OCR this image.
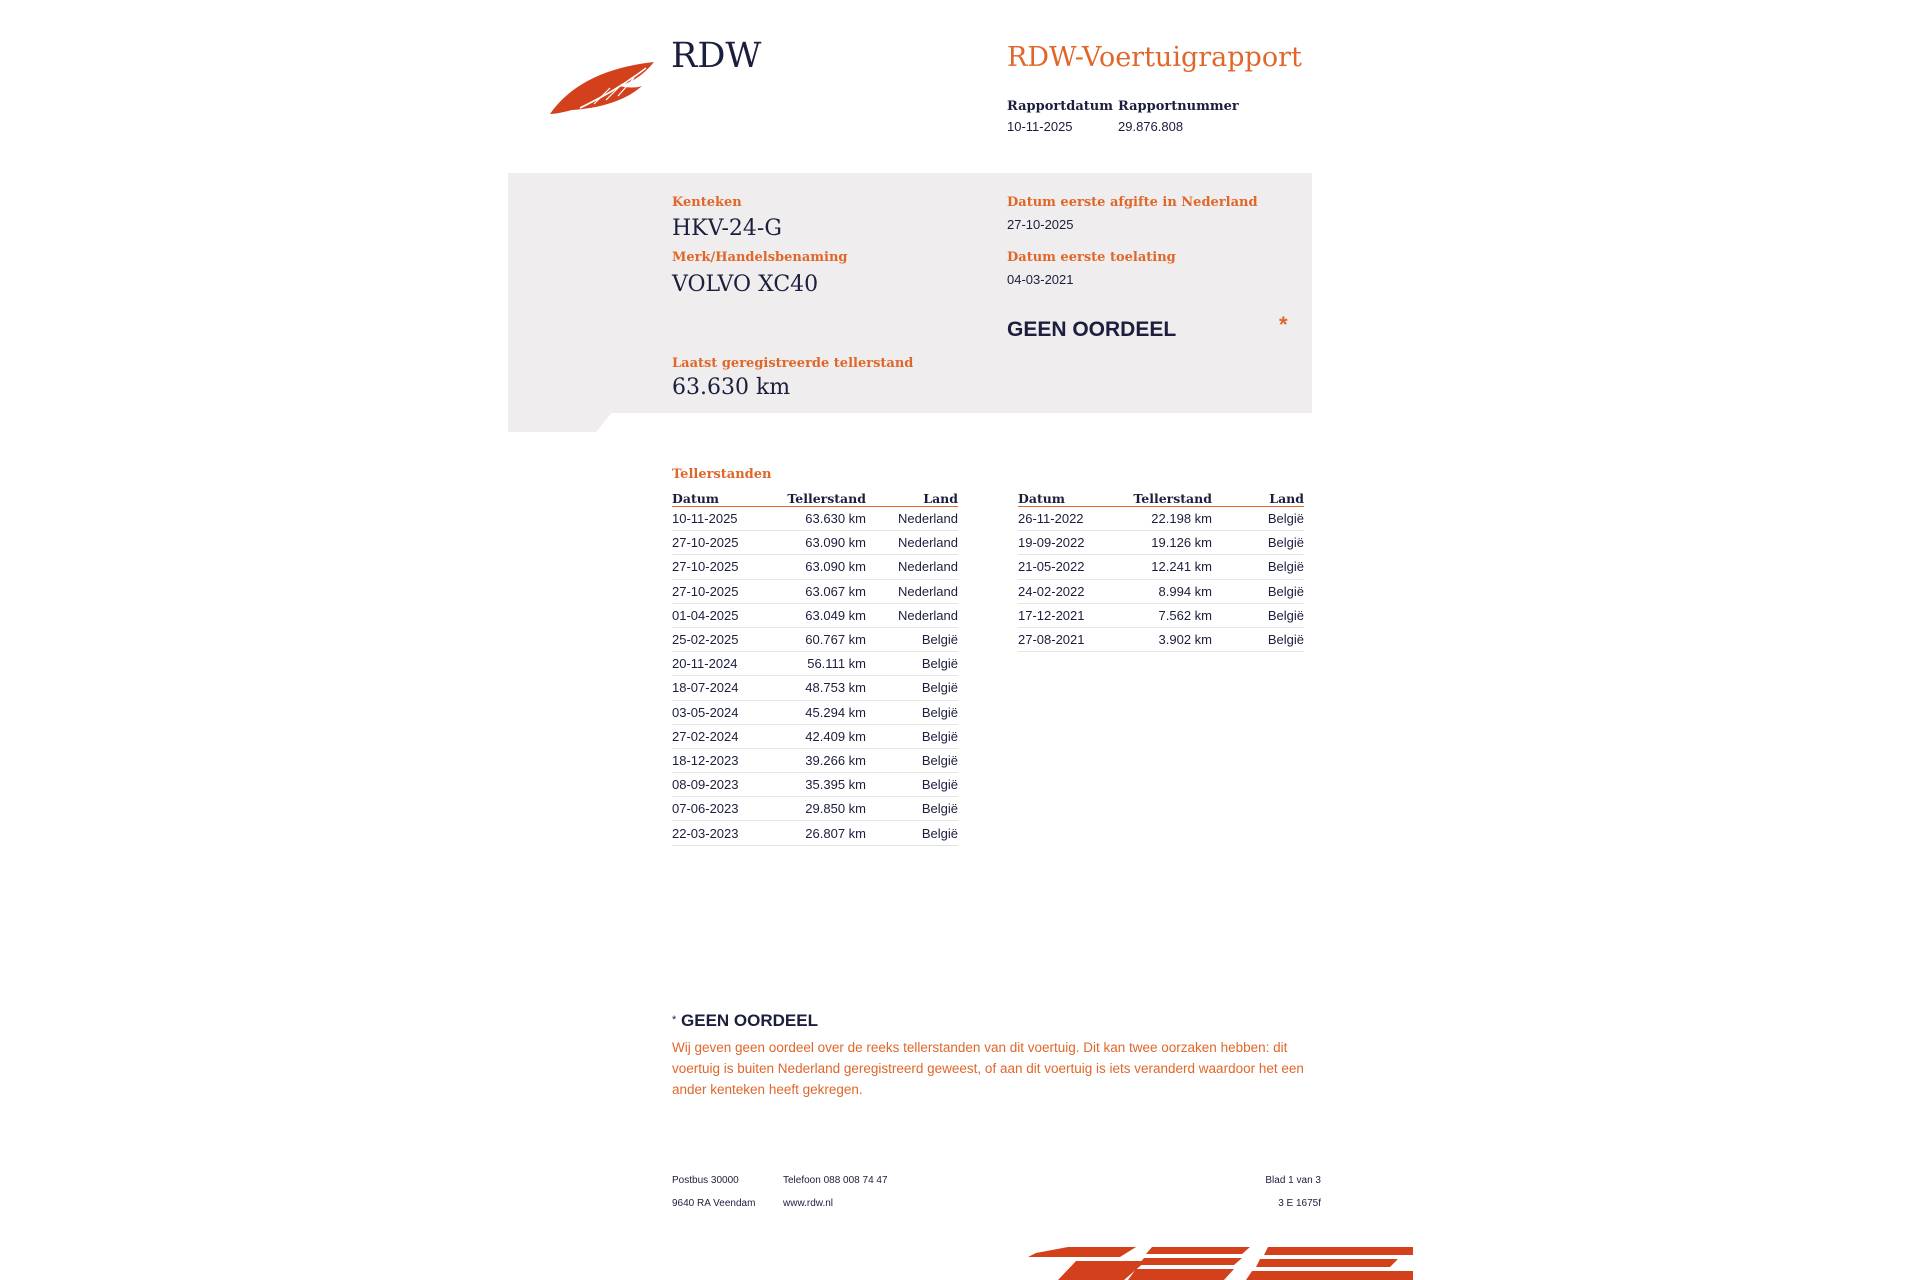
RDW	RDW-Voertuigrapport
Rapportdatum
10-11-2025
Rapportnummer
29.876.808
Kenteken
HKV-24-G
Merk/Handelsbenaming
VOLVO XC40
Datum eerste afgifte in Nederland
27-10-2025
Datum eerste toelating
04-03-2021
GEEN OORDEEL	*
Laatst geregistreerde tellerstand
63.630 km
Tellerstanden
Datum	Tellerstand	Land
10-11-2025	63.630 km	Nederland
27-10-2025	63.090 km	Nederland
27-10-2025	63.090 km	Nederland
27-10-2025	63.067 km	Nederland
01-04-2025	63.049 km	Nederland
25-02-2025	60.767 km	België
20-11-2024	56.111 km	België
18-07-2024	48.753 km	België
03-05-2024	45.294 km	België
27-02-2024	42.409 km	België
18-12-2023	39.266 km	België
08-09-2023	35.395 km	België
07-06-2023	29.850 km	België
22-03-2023	26.807 km	België
Datum	Tellerstand	Land
26-11-2022	22.198 km	België
19-09-2022	19.126 km	België
21-05-2022	12.241 km	België
24-02-2022	8.994 km	België
17-12-2021	7.562 km	België
27-08-2021	3.902 km	België
* GEEN OORDEEL
Wij geven geen oordeel over de reeks tellerstanden van dit voertuig. Dit kan twee oorzaken hebben: dit voertuig is buiten Nederland geregistreerd geweest, of aan dit voertuig is iets veranderd waardoor het een ander kenteken heeft gekregen.
Postbus 30000
9640 RA Veendam
Telefoon 088 008 74 47
www.rdw.nl
Blad 1 van 3
3 E 1675f
